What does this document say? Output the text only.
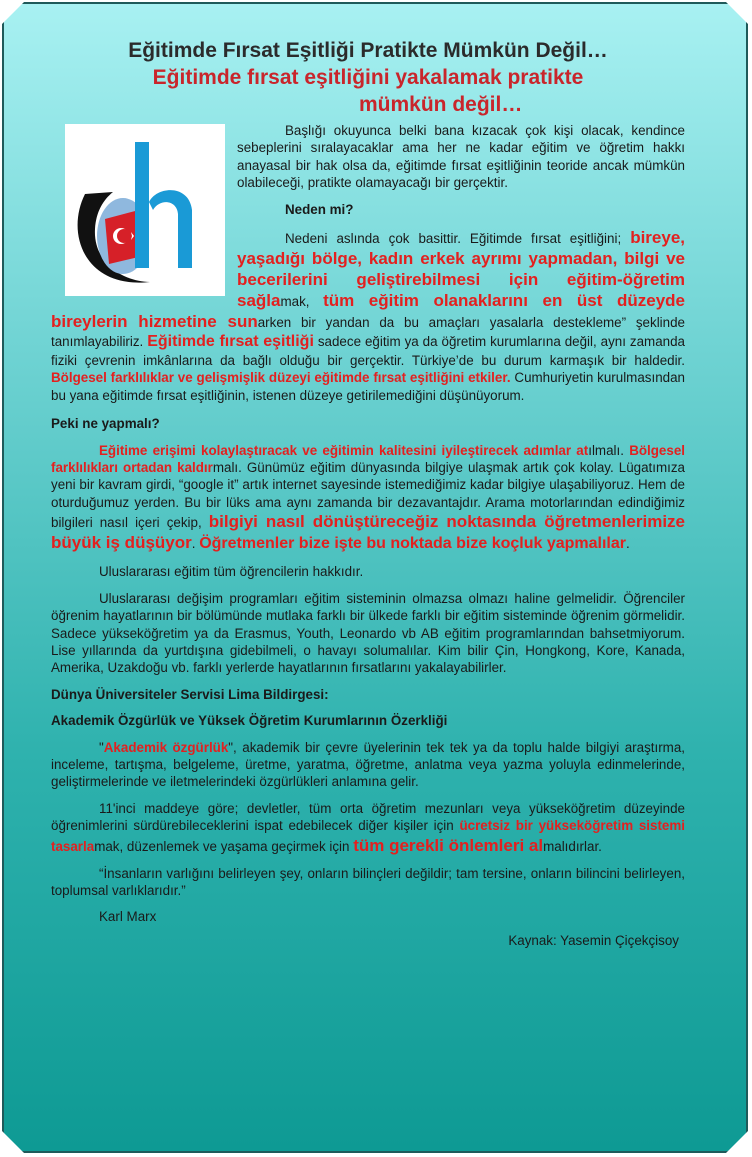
Eğitimde Fırsat Eşitliği Pratikte Mümkün Değil…
Eğitimde fırsat eşitliğini yakalamak pratikte
mümkün değil…

Başlığı okuyunca belki bana kızacak çok kişi olacak, kendince sebeplerini sıralayacaklar ama her ne kadar eğitim ve öğretim hakkı anayasal bir hak olsa da, eğitimde fırsat eşitliğinin teoride ancak mümkün olabileceği, pratikte olamayacağı bir gerçektir.

Neden mi?

Nedeni aslında çok basittir. Eğitimde fırsat eşitliğini; bireye, yaşadığı bölge, kadın erkek ayrımı yapmadan, bilgi ve becerilerini geliştirebilmesi için eğitim-öğretim sağlamak, tüm eğitim olanaklarını en üst düzeyde bireylerin hizmetine sunarken bir yandan da bu amaçları yasalarla destekleme” şeklinde tanımlayabiliriz. Eğitimde fırsat eşitliği sadece eğitim ya da öğretim kurumlarına değil, aynı zamanda fiziki çevrenin imkânlarına da bağlı olduğu bir gerçektir. Türkiye’de bu durum karmaşık bir haldedir. Bölgesel farklılıklar ve gelişmişlik düzeyi eğitimde fırsat eşitliğini etkiler. Cumhuriyetin kurulmasından bu yana eğitimde fırsat eşitliğinin, istenen düzeye getirilemediğini düşünüyorum.

Peki ne yapmalı?

Eğitime erişimi kolaylaştıracak ve eğitimin kalitesini iyileştirecek adımlar atılmalı. Bölgesel farklılıkları ortadan kaldırmalı. Günümüz eğitim dünyasında bilgiye ulaşmak artık çok kolay. Lügatımıza yeni bir kavram girdi, “google it” artık internet sayesinde istemediğimiz kadar bilgiye ulaşabiliyoruz. Hem de oturduğumuz yerden. Bu bir lüks ama aynı zamanda bir dezavantajdır. Arama motorlarından edindiğimiz bilgileri nasıl içeri çekip, bilgiyi nasıl dönüştüreceğiz noktasında öğretmenlerimize büyük iş düşüyor. Öğretmenler bize işte bu noktada bize koçluk yapmalılar.

Uluslararası eğitim tüm öğrencilerin hakkıdır.

Uluslararası değişim programları eğitim sisteminin olmazsa olmazı haline gelmelidir. Öğrenciler öğrenim hayatlarının bir bölümünde mutlaka farklı bir ülkede farklı bir eğitim sisteminde öğrenim görmelidir. Sadece yükseköğretim ya da Erasmus, Youth, Leonardo vb AB eğitim programlarından bahsetmiyorum. Lise yıllarında da yurtdışına gidebilmeli, o havayı solumalılar. Kim bilir Çin, Hongkong, Kore, Kanada, Amerika, Uzakdoğu vb. farklı yerlerde hayatlarının fırsatlarını yakalayabilirler.

Dünya Üniversiteler Servisi Lima Bildirgesi:

Akademik Özgürlük ve Yüksek Öğretim Kurumlarının Özerkliği

"Akademik özgürlük", akademik bir çevre üyelerinin tek tek ya da toplu halde bilgiyi araştırma, inceleme, tartışma, belgeleme, üretme, yaratma, öğretme, anlatma veya yazma yoluyla edinmelerinde, geliştirmelerinde ve iletmelerindeki özgürlükleri anlamına gelir.

11'inci maddeye göre; devletler, tüm orta öğretim mezunları veya yükseköğretim düzeyinde öğrenimlerini sürdürebileceklerini ispat edebilecek diğer kişiler için ücretsiz bir yükseköğretim sistemi tasarlamak, düzenlemek ve yaşama geçirmek için tüm gerekli önlemleri almalıdırlar.

“İnsanların varlığını belirleyen şey, onların bilinçleri değildir; tam tersine, onların bilincini belirleyen, toplumsal varlıklarıdır.”

Karl Marx

Kaynak: Yasemin Çiçekçisoy
